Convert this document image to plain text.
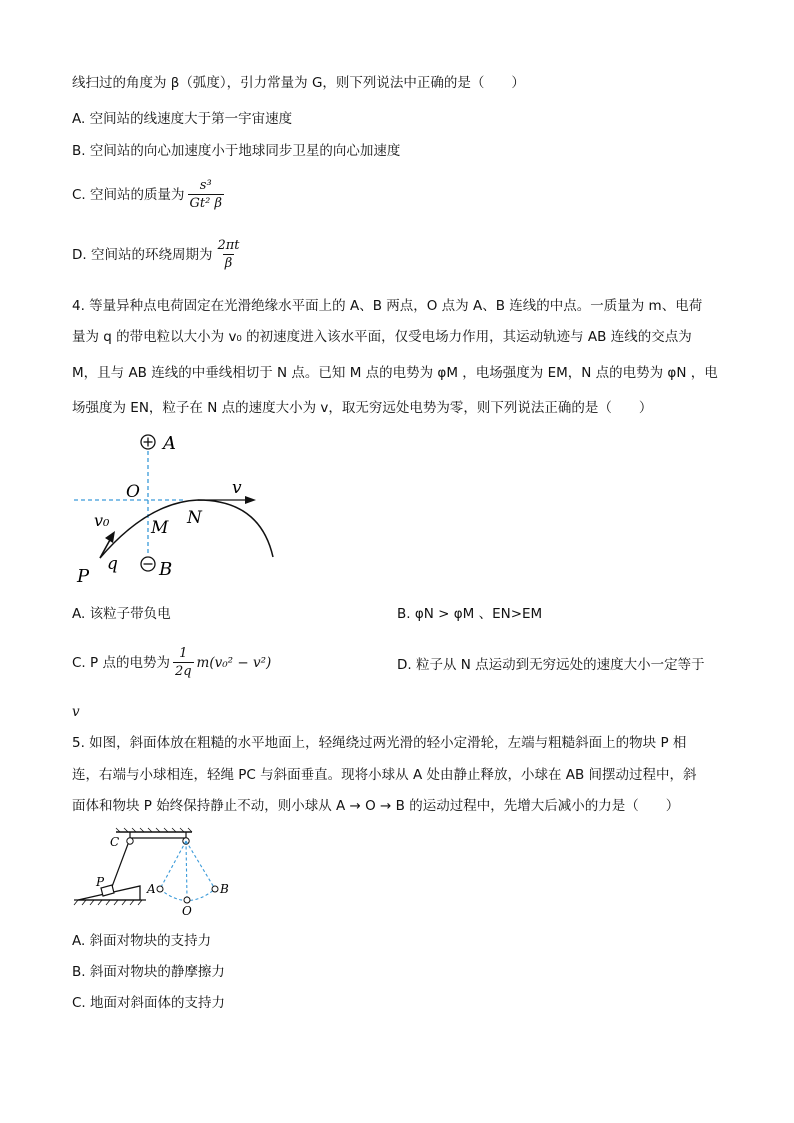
线扫过的角度为 β（弧度），引力常量为 G，则下列说法中正确的是（　　）
A. 空间站的线速度大于第一宇宙速度
B. 空间站的向心加速度小于地球同步卫星的向心加速度
C. 空间站的质量为 $\frac{\text{s³}}{\text{Gt² β}}$
D. 空间站的环绕周期为 $\frac{2\pi t}{\beta}$
4. 等量异种点电荷固定在光滑绝缘水平面上的 A、B 两点，O 点为 A、B 连线的中点。一质量为 m、电荷
量为 q 的带电粒以大小为 v₀ 的初速度进入该水平面，仅受电场力作用，其运动轨迹与 AB 连线的交点为
M，且与 AB 连线的中垂线相切于 N 点。已知 M 点的电势为 φM ，电场强度为 EM，N 点的电势为 φN ，电
场强度为 EN，粒子在 N 点的速度大小为 v，取无穷远处电势为零，则下列说法正确的是（　　）
A
O	v
v₀ M N
B
P
q
A. 该粒子带负电	B. φN > φM 、EN>EM
C. P 点的电势为 $\frac{1}{2q} m(v_0^2 - v^2)$	D. 粒子从 N 点运动到无穷远处的速度大小一定等于
v
5. 如图，斜面体放在粗糙的水平地面上，轻绳绕过两光滑的轻小定滑轮，左端与粗糙斜面上的物块 P 相
连，右端与小球相连，轻绳 PC 与斜面垂直。现将小球从 A 处由静止释放，小球在 AB 间摆动过程中，斜
面体和物块 P 始终保持静止不动，则小球从 A → O → B 的运动过程中，先增大后减小的力是（　　）
C
P	A	B
O
A. 斜面对物块的支持力
B. 斜面对物块的静摩擦力
C. 地面对斜面体的支持力
